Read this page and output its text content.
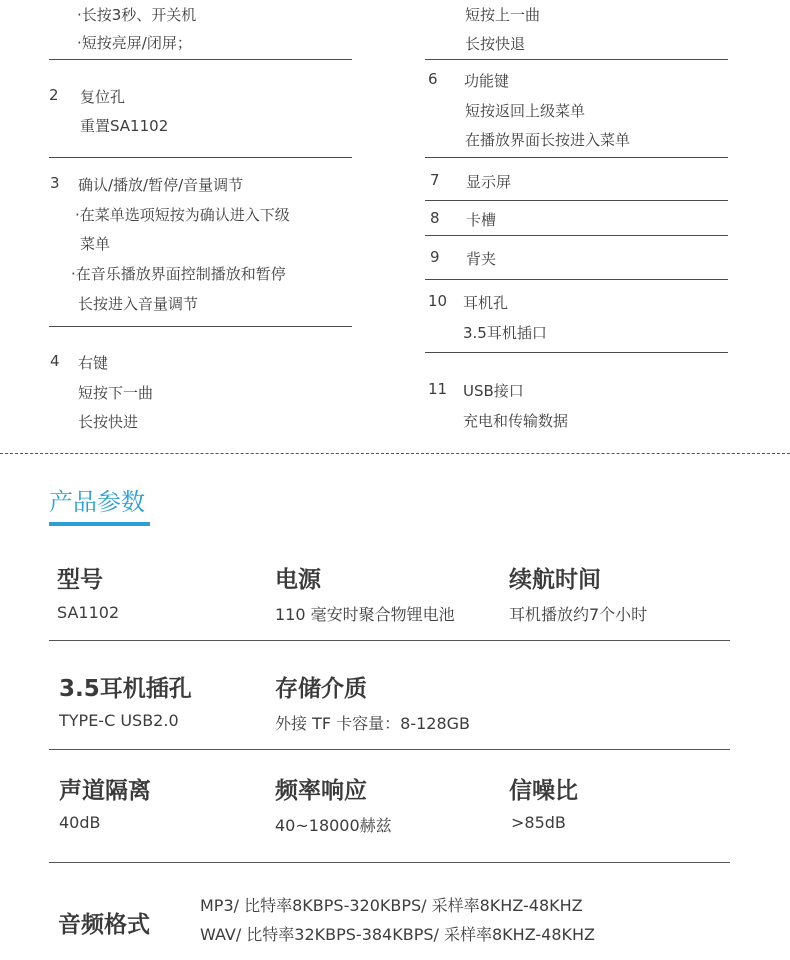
·长按3秒、开关机
·短按亮屏/闭屏；
2 复位孔
重置SA1102
3 确认/播放/暂停/音量调节
·在菜单选项短按为确认进入下级
菜单
·在音乐播放界面控制播放和暂停
长按进入音量调节
4 右键
短按下一曲
长按快进
短按上一曲
长按快退
6 功能键
短按返回上级菜单
在播放界面长按进入菜单
7 显示屏
8 卡槽
9 背夹
10 耳机孔
3.5耳机插口
11 USB接口
充电和传输数据
产品参数
型号
SA1102
电源
110 毫安时聚合物锂电池
续航时间
耳机播放约7个小时
3.5耳机插孔
TYPE-C USB2.0
存储介质
外接 TF 卡容量：8-128GB
声道隔离
40dB
频率响应
40~18000赫兹
信噪比
>85dB
音频格式
MP3/ 比特率8KBPS-320KBPS/ 采样率8KHZ-48KHZ
WAV/ 比特率32KBPS-384KBPS/ 采样率8KHZ-48KHZ
